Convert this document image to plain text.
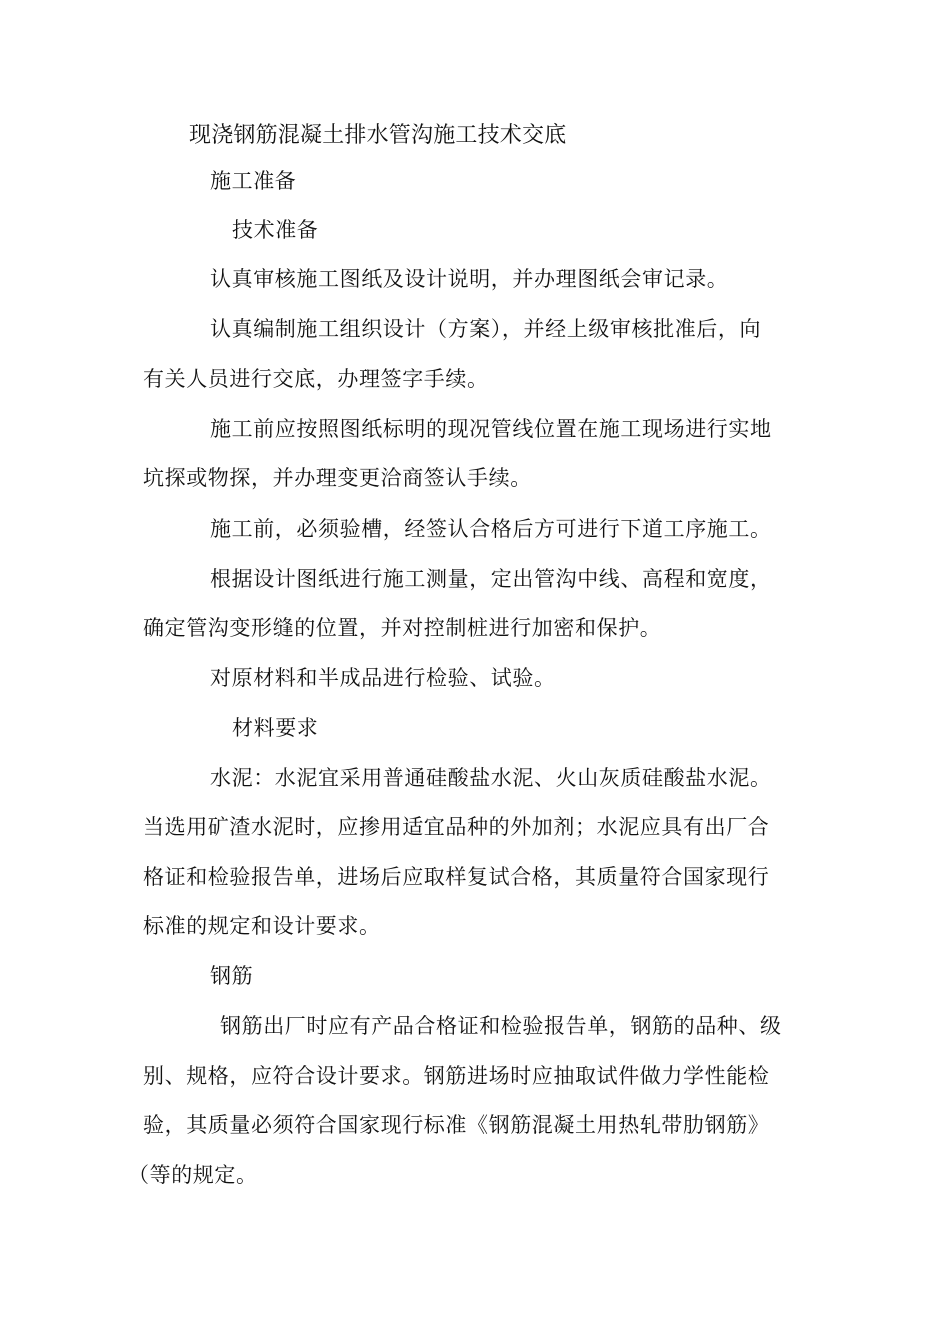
现浇钢筋混凝土排水管沟施工技术交底
施工准备
技术准备
认真审核施工图纸及设计说明，并办理图纸会审记录。
认真编制施工组织设计（方案），并经上级审核批准后，向
有关人员进行交底，办理签字手续。
施工前应按照图纸标明的现况管线位置在施工现场进行实地
坑探或物探，并办理变更洽商签认手续。
施工前，必须验槽，经签认合格后方可进行下道工序施工。
根据设计图纸进行施工测量，定出管沟中线、高程和宽度，
确定管沟变形缝的位置，并对控制桩进行加密和保护。
对原材料和半成品进行检验、试验。
材料要求
水泥：水泥宜采用普通硅酸盐水泥、火山灰质硅酸盐水泥。
当选用矿渣水泥时，应掺用适宜品种的外加剂；水泥应具有出厂合
格证和检验报告单，进场后应取样复试合格，其质量符合国家现行
标准的规定和设计要求。
钢筋
钢筋出厂时应有产品合格证和检验报告单，钢筋的品种、级
别、规格，应符合设计要求。钢筋进场时应抽取试件做力学性能检
验，其质量必须符合国家现行标准《钢筋混凝土用热轧带肋钢筋》
（等的规定。
